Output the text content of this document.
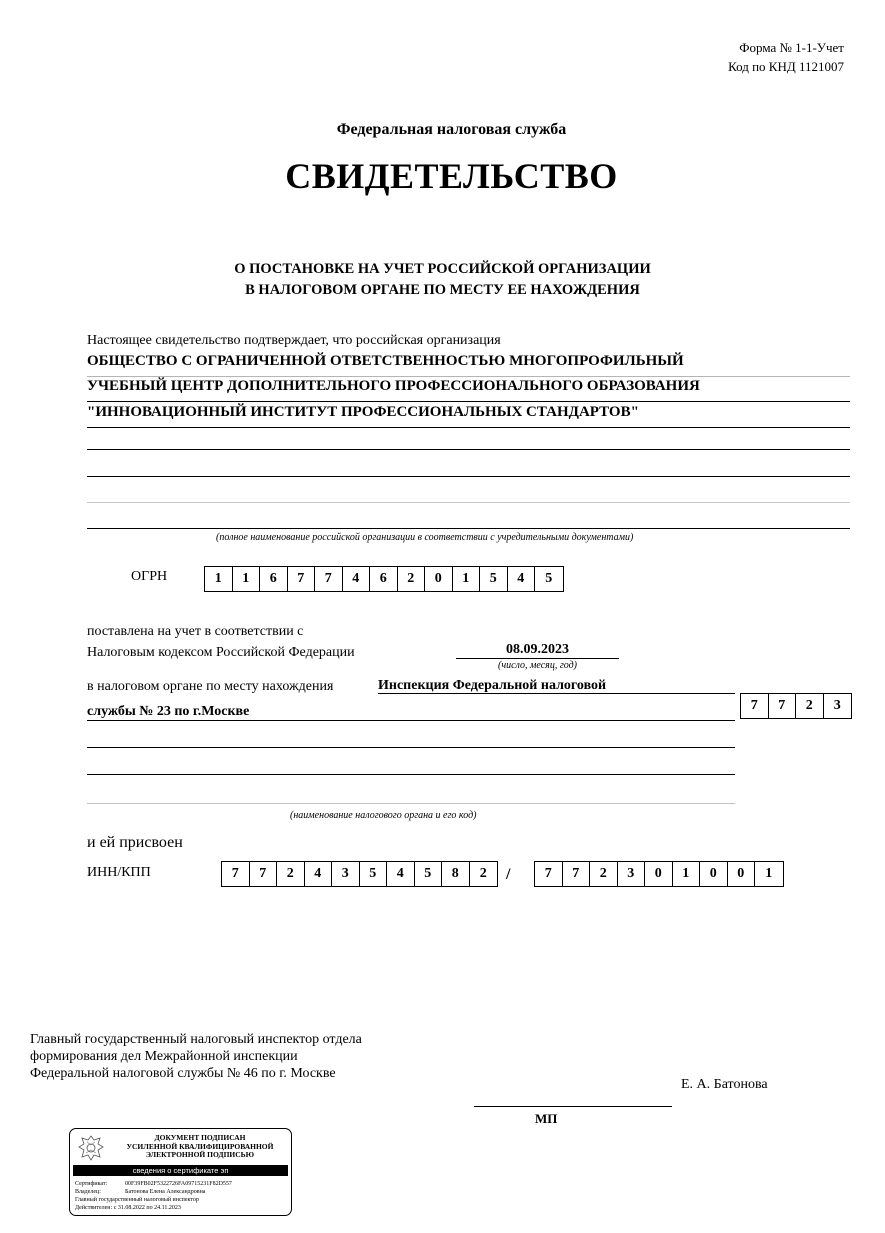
Форма № 1-1-Учет
Код по КНД 1121007
Федеральная налоговая служба
СВИДЕТЕЛЬСТВО
О ПОСТАНОВКЕ НА УЧЕТ РОССИЙСКОЙ ОРГАНИЗАЦИИ
В НАЛОГОВОМ ОРГАНЕ ПО МЕСТУ ЕЕ НАХОЖДЕНИЯ
Настоящее свидетельство подтверждает, что российская организация
ОБЩЕСТВО С ОГРАНИЧЕННОЙ ОТВЕТСТВЕННОСТЬЮ МНОГОПРОФИЛЬНЫЙ
УЧЕБНЫЙ ЦЕНТР ДОПОЛНИТЕЛЬНОГО ПРОФЕССИОНАЛЬНОГО ОБРАЗОВАНИЯ
"ИННОВАЦИОННЫЙ ИНСТИТУТ ПРОФЕССИОНАЛЬНЫХ СТАНДАРТОВ"
(полное наименование российской организации в соответствии с учредительными документами)
ОГРН	1	1	6	7	7	4	6	2	0	1	5	4	5
поставлена на учет в соответствии с
Налоговым кодексом Российской Федерации	08.09.2023
(число, месяц, год)
в налоговом органе по месту нахождения	Инспекция Федеральной налоговой
службы № 23 по г.Москве	7	7	2	3
(наименование налогового органа и его код)
и ей присвоен
ИНН/КПП	7	7	2	4	3	5	4	5	8	2	/	7	7	2	3	0	1	0	0	1
Главный государственный налоговый инспектор отдела
формирования дел Межрайонной инспекции
Федеральной налоговой службы № 46 по г. Москве
Е. А. Батонова
МП
ДОКУМЕНТ ПОДПИСАН
УСИЛЕННОЙ КВАЛИФИЦИРОВАННОЙ
ЭЛЕКТРОННОЙ ПОДПИСЬЮ
сведения о сертификате эп
Сертификат:	00F39FB02F5322726FA09715231F82D557
Владелец:	Батонова Елена Александровна
Главный государственный налоговый инспектор
Действителен: с 31.08.2022 по 24.11.2023
